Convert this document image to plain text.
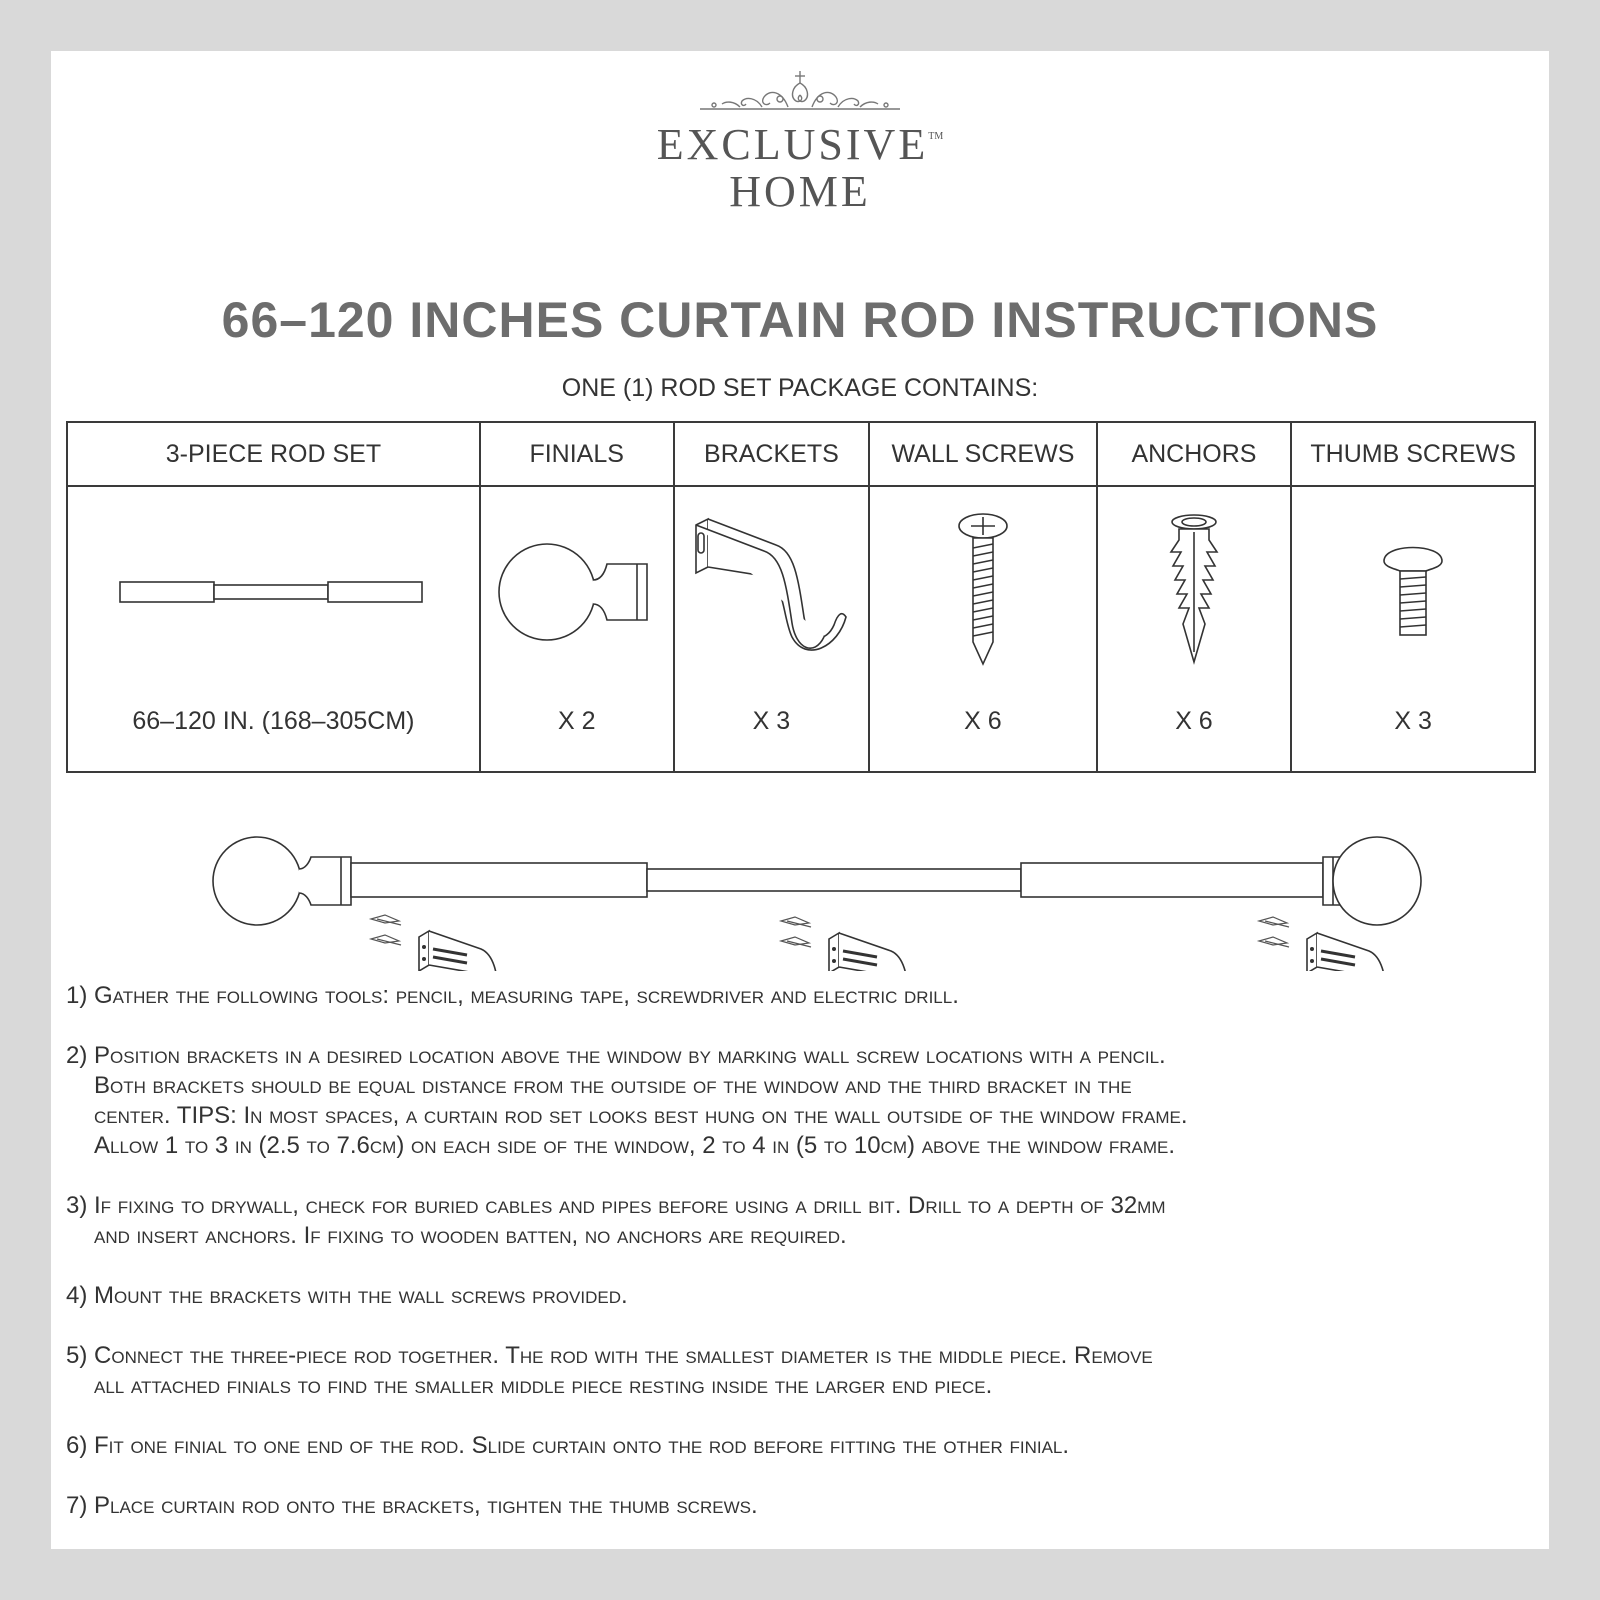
EXCLUSIVE™
HOME
66–120 INCHES CURTAIN ROD INSTRUCTIONS
ONE (1) ROD SET PACKAGE CONTAINS:
3-PIECE ROD SET	FINIALS	BRACKETS	WALL SCREWS	ANCHORS	THUMB SCREWS

66–120 IN. (168–305CM)	X 2	X 3	X 6	X 6	X 3
1) Gather the following tools: pencil, measuring tape, screwdriver and electric drill.
2) Position brackets in a desired location above the window by marking wall screw locations with a pencil.
Both brackets should be equal distance from the outside of the window and the third bracket in the
center. TIPS: In most spaces, a curtain rod set looks best hung on the wall outside of the window frame.
Allow 1 to 3 in (2.5 to 7.6cm) on each side of the window, 2 to 4 in (5 to 10cm) above the window frame.
3) If fixing to drywall, check for buried cables and pipes before using a drill bit. Drill to a depth of 32mm
and insert anchors. If fixing to wooden batten, no anchors are required.
4) Mount the brackets with the wall screws provided.
5) Connect the three-piece rod together. The rod with the smallest diameter is the middle piece. Remove
all attached finials to find the smaller middle piece resting inside the larger end piece.
6) Fit one finial to one end of the rod. Slide curtain onto the rod before fitting the other finial.
7) Place curtain rod onto the brackets, tighten the thumb screws.
